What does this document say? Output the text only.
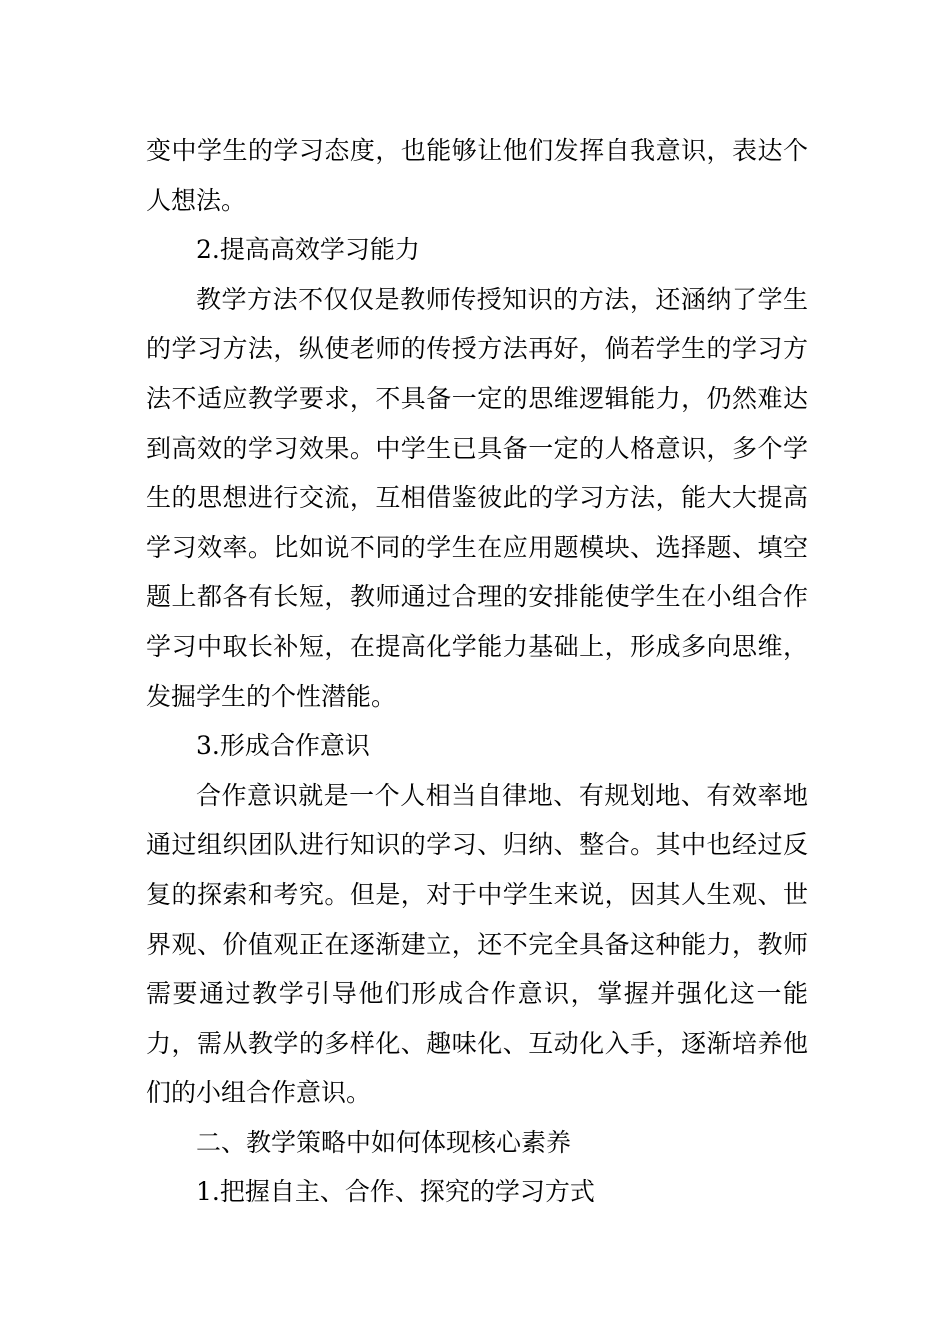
变中学生的学习态度，也能够让他们发挥自我意识，表达个人想法。

2.提高高效学习能力

教学方法不仅仅是教师传授知识的方法，还涵纳了学生的学习方法，纵使老师的传授方法再好，倘若学生的学习方法不适应教学要求，不具备一定的思维逻辑能力，仍然难达到高效的学习效果。中学生已具备一定的人格意识，多个学生的思想进行交流，互相借鉴彼此的学习方法，能大大提高学习效率。比如说不同的学生在应用题模块、选择题、填空题上都各有长短，教师通过合理的安排能使学生在小组合作学习中取长补短，在提高化学能力基础上，形成多向思维，发掘学生的个性潜能。

3.形成合作意识

合作意识就是一个人相当自律地、有规划地、有效率地通过组织团队进行知识的学习、归纳、整合。其中也经过反复的探索和考究。但是，对于中学生来说，因其人生观、世界观、价值观正在逐渐建立，还不完全具备这种能力，教师需要通过教学引导他们形成合作意识，掌握并强化这一能力，需从教学的多样化、趣味化、互动化入手，逐渐培养他们的小组合作意识。

二、教学策略中如何体现核心素养

1.把握自主、合作、探究的学习方式
